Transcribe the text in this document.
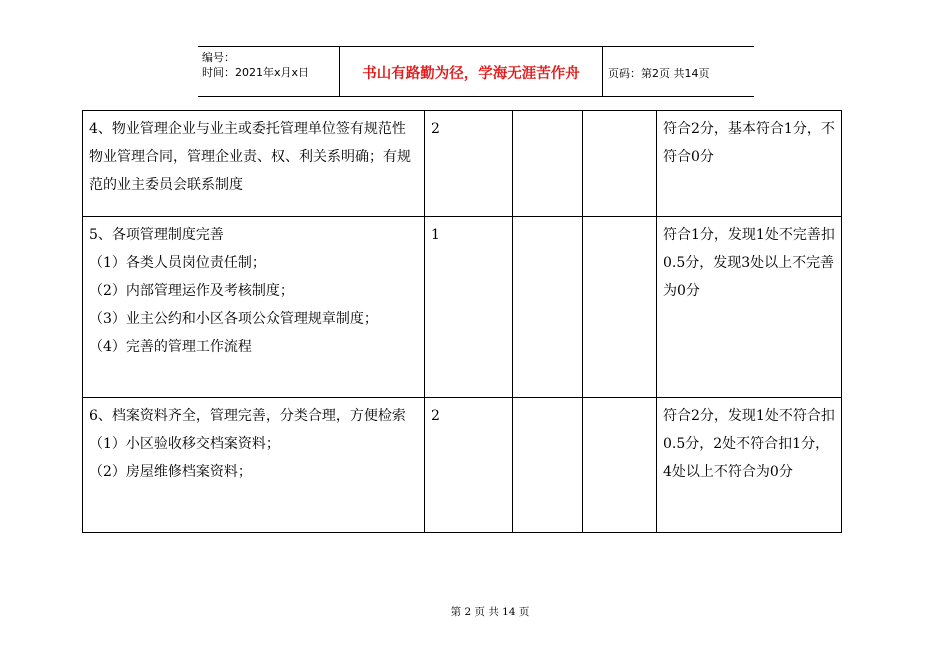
编号：
时间：2021年x月x日	书山有路勤为径，学海无涯苦作舟	页码：第2页 共14页
4、物业管理企业与业主或委托管理单位签有规范性物业管理合同，管理企业责、权、利关系明确；有规范的业主委员会联系制度	2			符合2分，基本符合1分，不符合0分

5、各项管理制度完善
（1）各类人员岗位责任制；
（2）内部管理运作及考核制度；
（3）业主公约和小区各项公众管理规章制度；
（4）完善的管理工作流程	1			符合1分，发现1处不完善扣0.5分，发现3处以上不完善为0分

6、档案资料齐全，管理完善，分类合理，方便检索
（1）小区验收移交档案资料；
（2）房屋维修档案资料；	2			符合2分，发现1处不符合扣0.5分，2处不符合扣1分，4处以上不符合为0分
第 2 页 共 14 页
